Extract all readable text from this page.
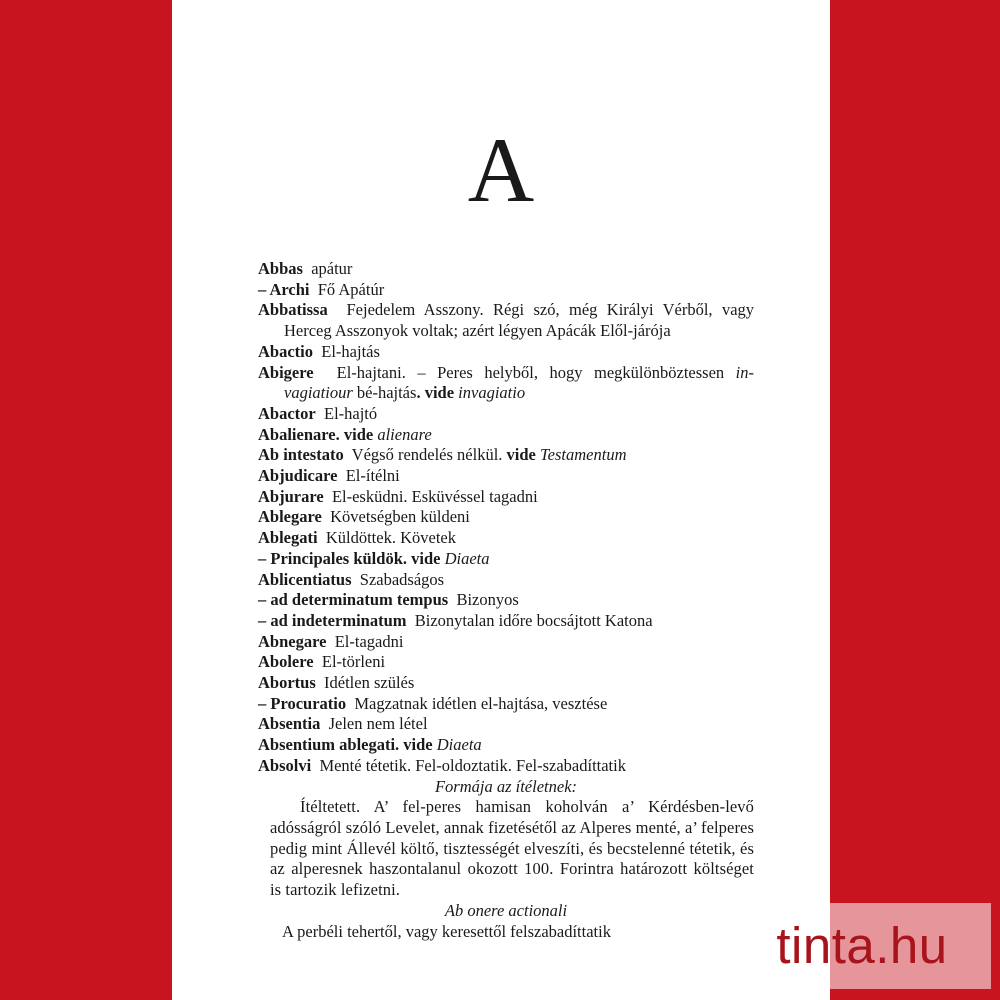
A

Abbas apátur

– Archi Fő Apátúr

Abbatissa Fejedelem Asszony. Régi szó, még Királyi Vérből, vagy Herceg Asszonyok voltak; azért légyen Apácák Elől-járója

Abactio El-hajtás

Abigere El-hajtani. – Peres helyből, hogy megkülönböztessen in-vagiatiour bé-hajtás. vide invagiatio

Abactor El-hajtó

Abalienare. vide alienare

Ab intestato Végső rendelés nélkül. vide Testamentum

Abjudicare El-ítélni

Abjurare El-esküdni. Esküvéssel tagadni

Ablegare Követségben küldeni

Ablegati Küldöttek. Követek

– Principales küldök. vide Diaeta

Ablicentiatus Szabadságos

– ad determinatum tempus Bizonyos

– ad indeterminatum Bizonytalan időre bocsájtott Katona

Abnegare El-tagadni

Abolere El-törleni

Abortus Idétlen szülés

– Procuratio Magzatnak idétlen el-hajtása, vesztése

Absentia Jelen nem létel

Absentium ablegati. vide Diaeta

Absolvi Menté tétetik. Fel-oldoztatik. Fel-szabadíttatik

Formája az ítéletnek:

Ítéltetett. A’ fel-peres hamisan koholván a’ Kérdésben-levő adósságról szóló Levelet, annak fizetésétől az Alperes menté, a’ felperes pedig mint Állevél költő, tisztességét elveszíti, és becstelenné tétetik, és az alperesnek haszontalanul okozott 100. Forintra határozott költséget is tartozik lefizetni.

Ab onere actionali

A perbéli tehertől, vagy keresettől felszabadíttatik	tinta.hu
